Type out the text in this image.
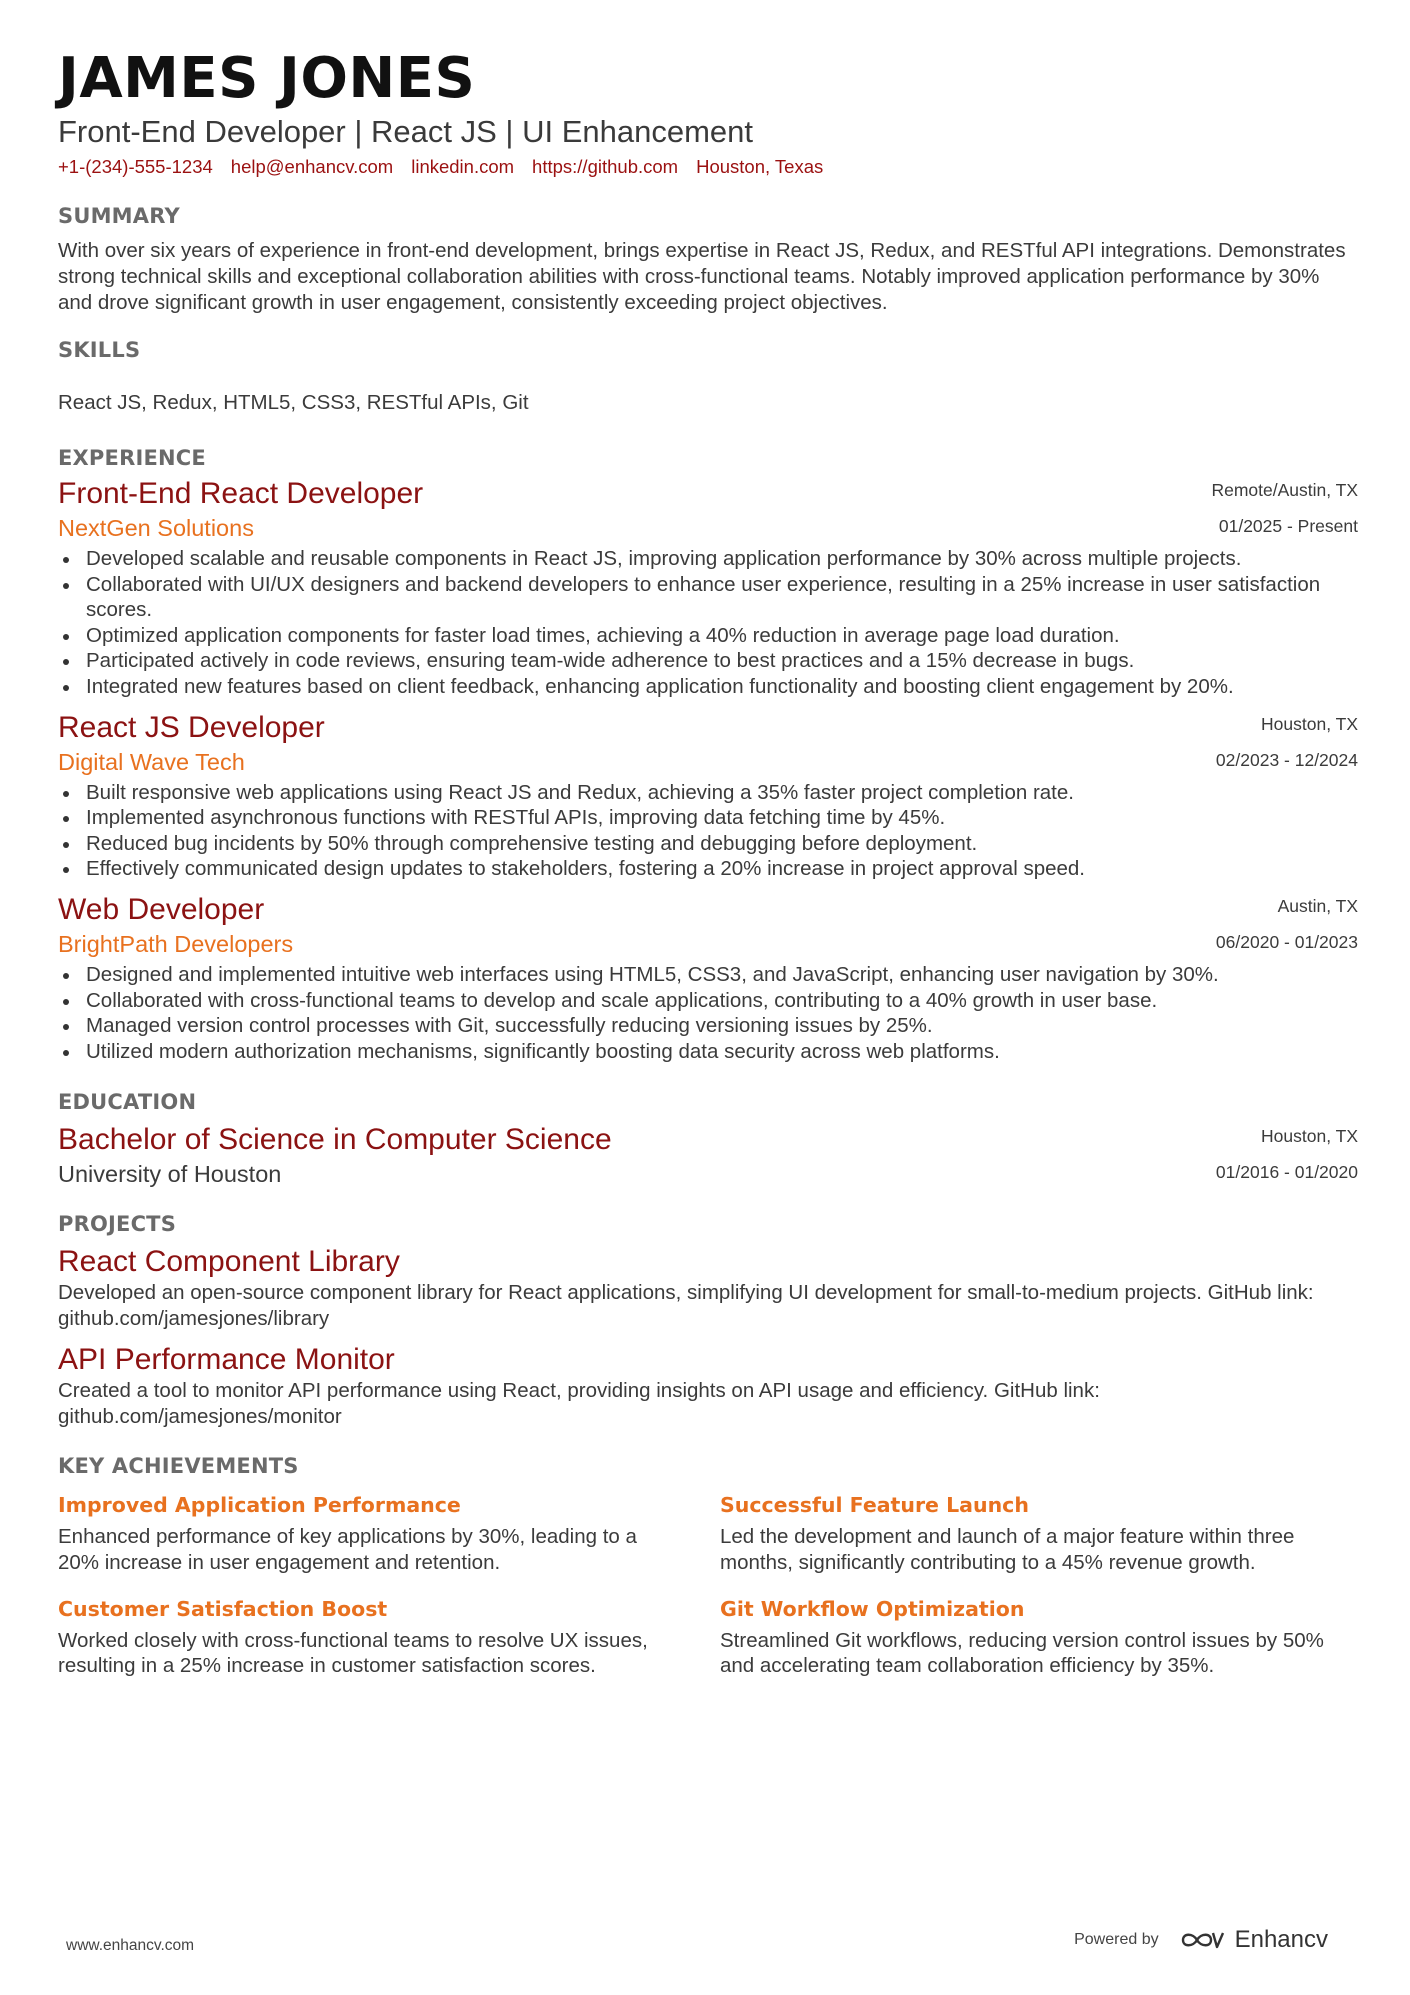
JAMES JONES
Front-End Developer | React JS | UI Enhancement
+1-(234)-555-1234 help@enhancv.com linkedin.com https://github.com Houston, Texas
SUMMARY
With over six years of experience in front-end development, brings expertise in React JS, Redux, and RESTful API integrations. Demonstrates strong technical skills and exceptional collaboration abilities with cross-functional teams. Notably improved application performance by 30% and drove significant growth in user engagement, consistently exceeding project objectives.
SKILLS
React JS, Redux, HTML5, CSS3, RESTful APIs, Git
EXPERIENCE
Front-End React Developer
NextGen Solutions
Remote/Austin, TX
01/2025 - Present
Developed scalable and reusable components in React JS, improving application performance by 30% across multiple projects.
Collaborated with UI/UX designers and backend developers to enhance user experience, resulting in a 25% increase in user satisfaction scores.
Optimized application components for faster load times, achieving a 40% reduction in average page load duration.
Participated actively in code reviews, ensuring team-wide adherence to best practices and a 15% decrease in bugs.
Integrated new features based on client feedback, enhancing application functionality and boosting client engagement by 20%.
React JS Developer
Digital Wave Tech
Houston, TX
02/2023 - 12/2024
Built responsive web applications using React JS and Redux, achieving a 35% faster project completion rate.
Implemented asynchronous functions with RESTful APIs, improving data fetching time by 45%.
Reduced bug incidents by 50% through comprehensive testing and debugging before deployment.
Effectively communicated design updates to stakeholders, fostering a 20% increase in project approval speed.
Web Developer
BrightPath Developers
Austin, TX
06/2020 - 01/2023
Designed and implemented intuitive web interfaces using HTML5, CSS3, and JavaScript, enhancing user navigation by 30%.
Collaborated with cross-functional teams to develop and scale applications, contributing to a 40% growth in user base.
Managed version control processes with Git, successfully reducing versioning issues by 25%.
Utilized modern authorization mechanisms, significantly boosting data security across web platforms.
EDUCATION
Bachelor of Science in Computer Science
University of Houston
Houston, TX
01/2016 - 01/2020
PROJECTS
React Component Library
Developed an open-source component library for React applications, simplifying UI development for small-to-medium projects. GitHub link: github.com/jamesjones/library
API Performance Monitor
Created a tool to monitor API performance using React, providing insights on API usage and efficiency. GitHub link: github.com/jamesjones/monitor
KEY ACHIEVEMENTS
Improved Application Performance
Enhanced performance of key applications by 30%, leading to a 20% increase in user engagement and retention.
Successful Feature Launch
Led the development and launch of a major feature within three months, significantly contributing to a 45% revenue growth.
Customer Satisfaction Boost
Worked closely with cross-functional teams to resolve UX issues, resulting in a 25% increase in customer satisfaction scores.
Git Workflow Optimization
Streamlined Git workflows, reducing version control issues by 50% and accelerating team collaboration efficiency by 35%.
www.enhancv.com	Powered by	Enhancv
